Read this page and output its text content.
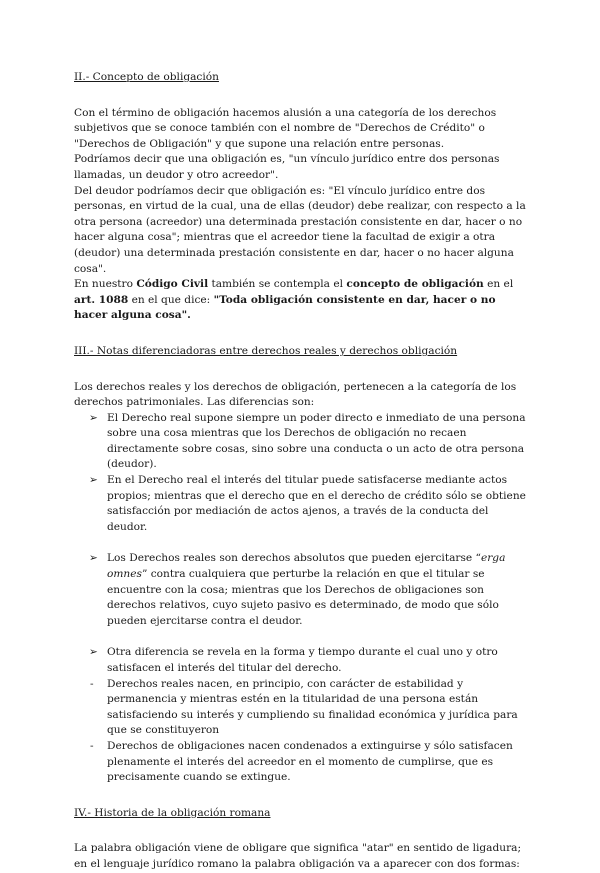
II.- Concepto de obligación

Con el término de obligación hacemos alusión a una categoría de los derechos subjetivos que se conoce también con el nombre de "Derechos de Crédito" o "Derechos de Obligación" y que supone una relación entre personas.

Podríamos decir que una obligación es, "un vínculo jurídico entre dos personas llamadas, un deudor y otro acreedor".

Del deudor podríamos decir que obligación es: "El vínculo jurídico entre dos personas, en virtud de la cual, una de ellas (deudor) debe realizar, con respecto a la otra persona (acreedor) una determinada prestación consistente en dar, hacer o no hacer alguna cosa"; mientras que el acreedor tiene la facultad de exigir a otra (deudor) una determinada prestación consistente en dar, hacer o no hacer alguna cosa".

En nuestro Código Civil también se contempla el concepto de obligación en el art. 1088 en el que dice: "Toda obligación consistente en dar, hacer o no hacer alguna cosa".

III.- Notas diferenciadoras entre derechos reales y derechos obligación

Los derechos reales y los derechos de obligación, pertenecen a la categoría de los derechos patrimoniales. Las diferencias son:

➢ El Derecho real supone siempre un poder directo e inmediato de una persona sobre una cosa mientras que los Derechos de obligación no recaen directamente sobre cosas, sino sobre una conducta o un acto de otra persona (deudor).
➢ En el Derecho real el interés del titular puede satisfacerse mediante actos propios; mientras que el derecho que en el derecho de crédito sólo se obtiene satisfacción por mediación de actos ajenos, a través de la conducta del deudor.
➢ Los Derechos reales son derechos absolutos que pueden ejercitarse “erga omnes” contra cualquiera que perturbe la relación en que el titular se encuentre con la cosa; mientras que los Derechos de obligaciones son derechos relativos, cuyo sujeto pasivo es determinado, de modo que sólo pueden ejercitarse contra el deudor.
➢ Otra diferencia se revela en la forma y tiempo durante el cual uno y otro satisfacen el interés del titular del derecho.
- Derechos reales nacen, en principio, con carácter de estabilidad y permanencia y mientras estén en la titularidad de una persona están satisfaciendo su interés y cumpliendo su finalidad económica y jurídica para que se constituyeron
- Derechos de obligaciones nacen condenados a extinguirse y sólo satisfacen plenamente el interés del acreedor en el momento de cumplirse, que es precisamente cuando se extingue.

IV.- Historia de la obligación romana

La palabra obligación viene de obligare que significa "atar" en sentido de ligadura; en el lenguaje jurídico romano la palabra obligación va a aparecer con dos formas:
